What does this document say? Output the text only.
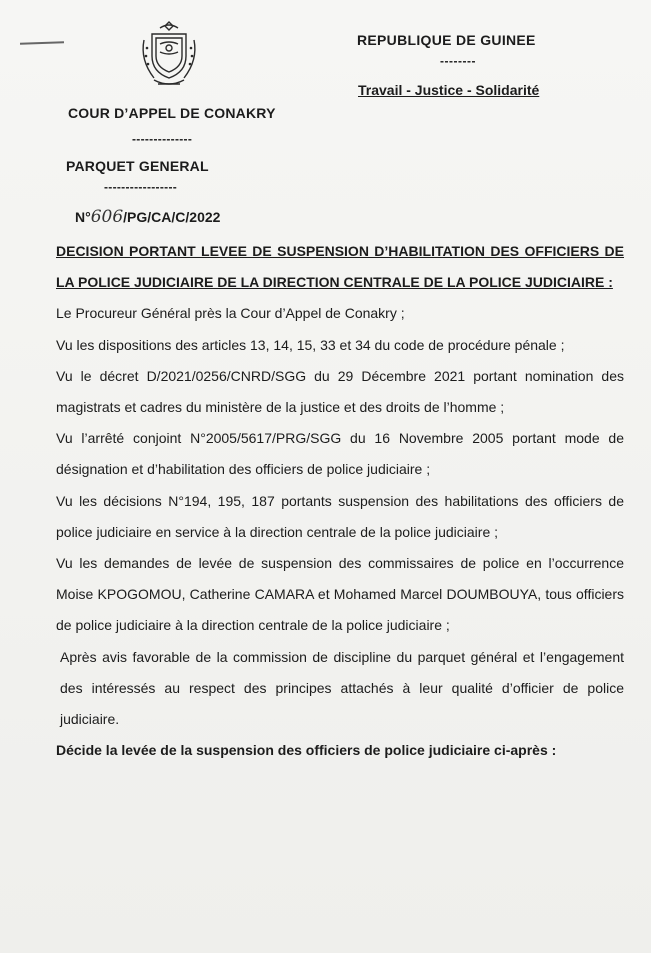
REPUBLIQUE DE GUINEE
--------
Travail - Justice - Solidarité
COUR D’APPEL DE CONAKRY
--------------
PARQUET GENERAL
-----------------
N°606/PG/CA/C/2022

DECISION PORTANT LEVEE DE SUSPENSION D’HABILITATION DES OFFICIERS DE LA POLICE JUDICIAIRE DE LA DIRECTION CENTRALE DE LA POLICE JUDICIAIRE :

Le Procureur Général près la Cour d’Appel de Conakry ;

Vu les dispositions des articles 13, 14, 15, 33 et 34 du code de procédure pénale ;

Vu le décret D/2021/0256/CNRD/SGG du 29 Décembre 2021 portant nomination des magistrats et cadres du ministère de la justice et des droits de l’homme ;

Vu l’arrêté conjoint N°2005/5617/PRG/SGG du 16 Novembre 2005 portant mode de désignation et d’habilitation des officiers de police judiciaire ;

Vu les décisions N°194, 195, 187 portants suspension des habilitations des officiers de police judiciaire en service à la direction centrale de la police judiciaire ;

Vu les demandes de levée de suspension des commissaires de police en l’occurrence Moise KPOGOMOU, Catherine CAMARA et Mohamed Marcel DOUMBOUYA, tous officiers de police judiciaire à la direction centrale de la police judiciaire ;

Après avis favorable de la commission de discipline du parquet général et l’engagement des intéressés au respect des principes attachés à leur qualité d’officier de police judiciaire.

Décide la levée de la suspension des officiers de police judiciaire ci-après :
